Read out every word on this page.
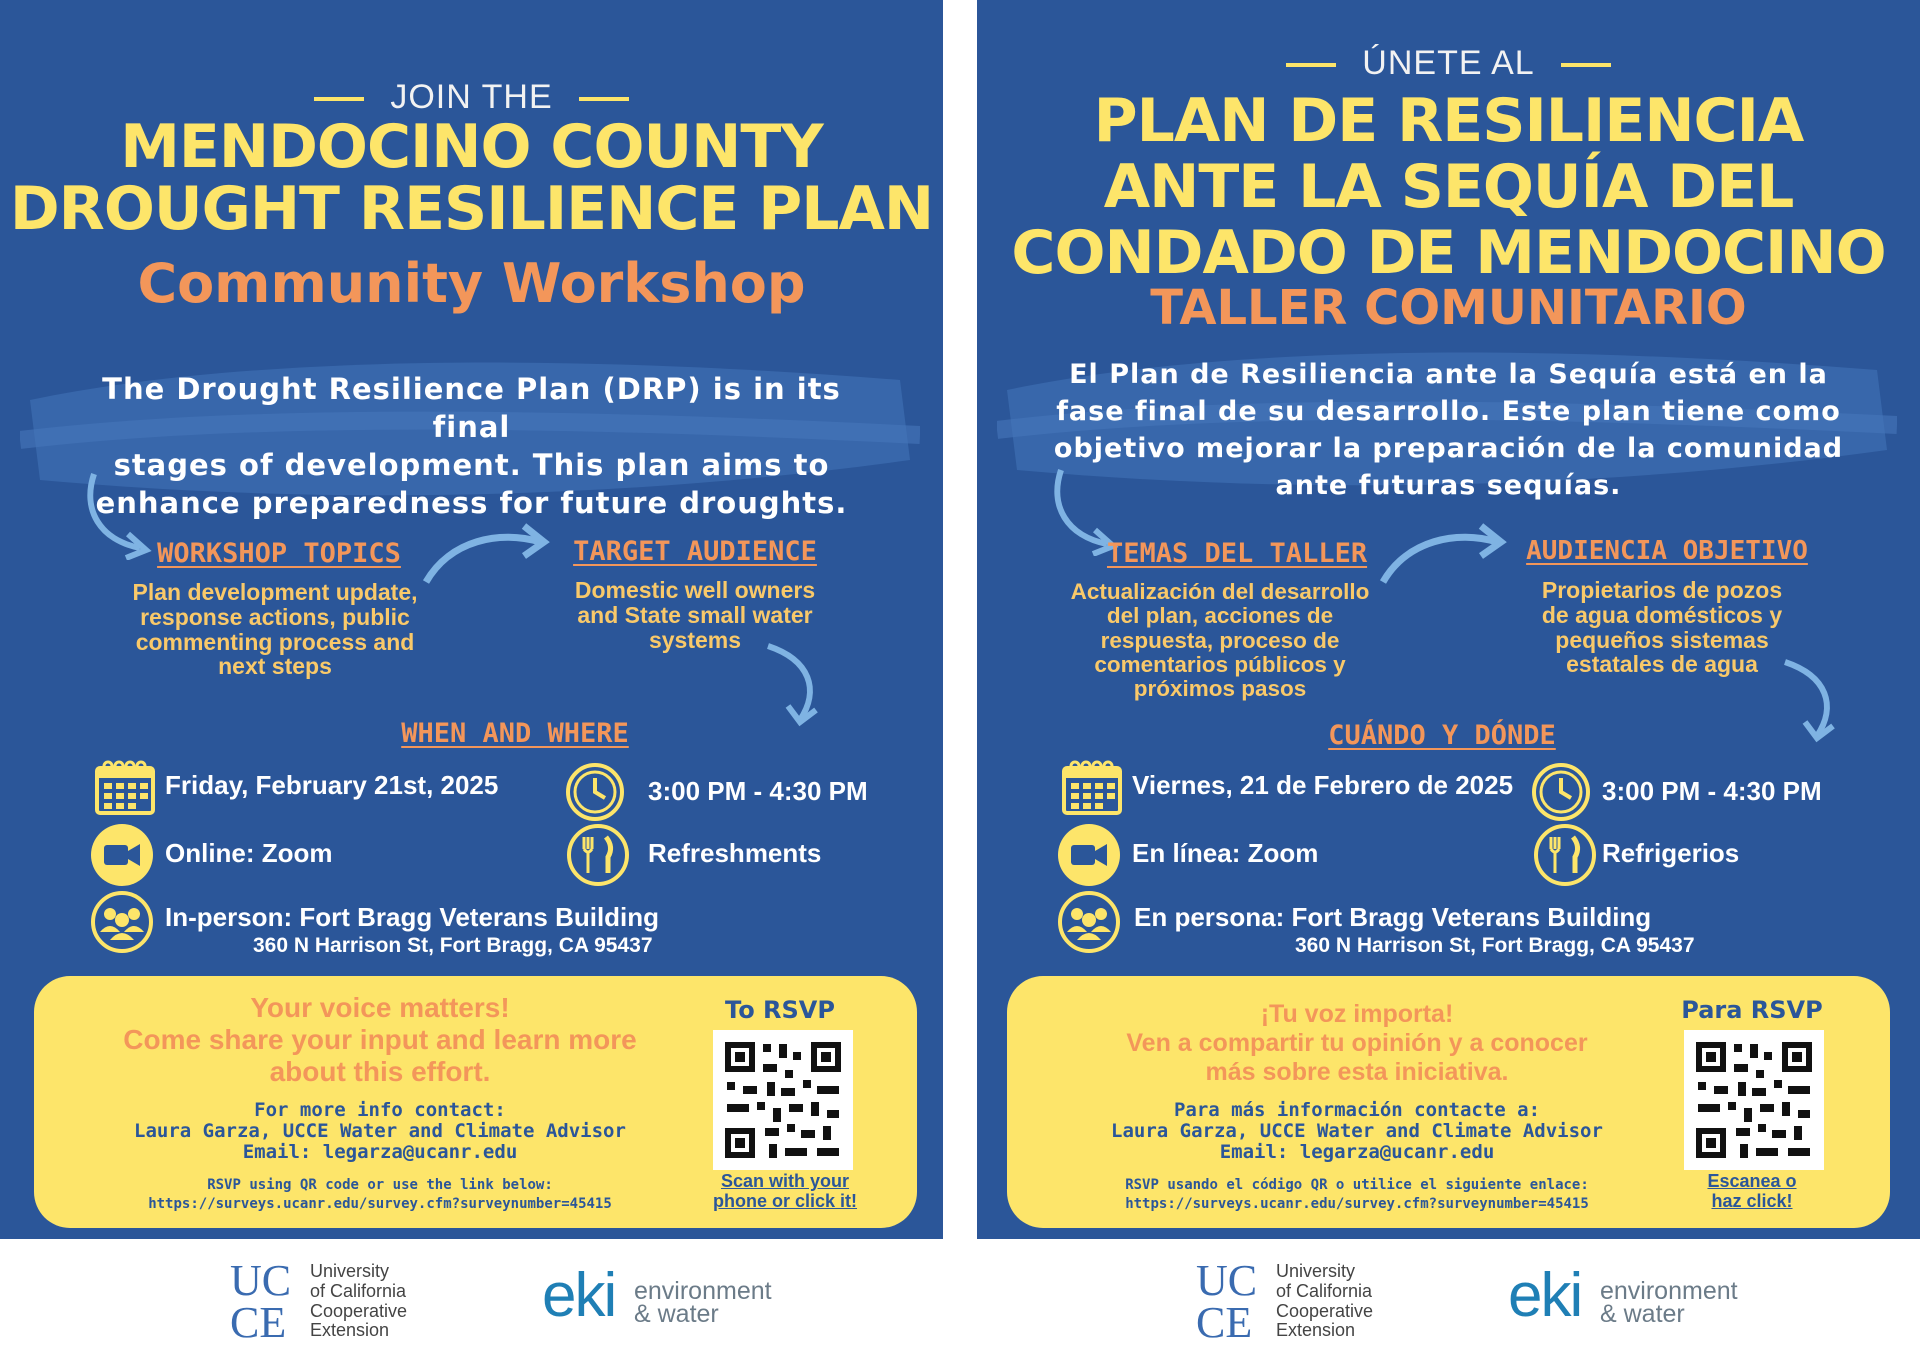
JOIN THE
MENDOCINO COUNTY
DROUGHT RESILIENCE PLAN
Community Workshop
The Drought Resilience Plan (DRP) is in its final
stages of development. This plan aims to
enhance preparedness for future droughts.
WORKSHOP TOPICS
Plan development update,
response actions, public
commenting process and
next steps
TARGET AUDIENCE
Domestic well owners
and State small water
systems
WHEN AND WHERE
Friday, February 21st, 2025	3:00 PM - 4:30 PM
Online: Zoom	Refreshments
In-person: Fort Bragg Veterans Building
360 N Harrison St, Fort Bragg, CA 95437
Your voice matters!
Come share your input and learn more
about this effort.
For more info contact:
Laura Garza, UCCE Water and Climate Advisor
Email: legarza@ucanr.edu
RSVP using QR code or use the link below:
https://surveys.ucanr.edu/survey.cfm?surveynumber=45415
To RSVP
Scan with your
phone or click it!
ÚNETE AL
PLAN DE RESILIENCIA
ANTE LA SEQUÍA DEL
CONDADO DE MENDOCINO
TALLER COMUNITARIO
El Plan de Resiliencia ante la Sequía está en la
fase final de su desarrollo. Este plan tiene como
objetivo mejorar la preparación de la comunidad
ante futuras sequías.
TEMAS DEL TALLER
Actualización del desarrollo
del plan, acciones de
respuesta, proceso de
comentarios públicos y
próximos pasos
AUDIENCIA OBJETIVO
Propietarios de pozos
de agua domésticos y
pequeños sistemas
estatales de agua
CUÁNDO Y DÓNDE
Viernes, 21 de Febrero de 2025	3:00 PM - 4:30 PM
En línea: Zoom	Refrigerios
En persona: Fort Bragg Veterans Building
360 N Harrison St, Fort Bragg, CA 95437
¡Tu voz importa!
Ven a compartir tu opinión y a conocer
más sobre esta iniciativa.
Para más información contacte a:
Laura Garza, UCCE Water and Climate Advisor
Email: legarza@ucanr.edu
RSVP usando el código QR o utilice el siguiente enlace:
https://surveys.ucanr.edu/survey.cfm?surveynumber=45415
Para RSVP
Escanea o
haz click!
UC
CE
University
of California
Cooperative
Extension
eki environment
& water
UC
CE
University
of California
Cooperative
Extension
eki environment
& water
